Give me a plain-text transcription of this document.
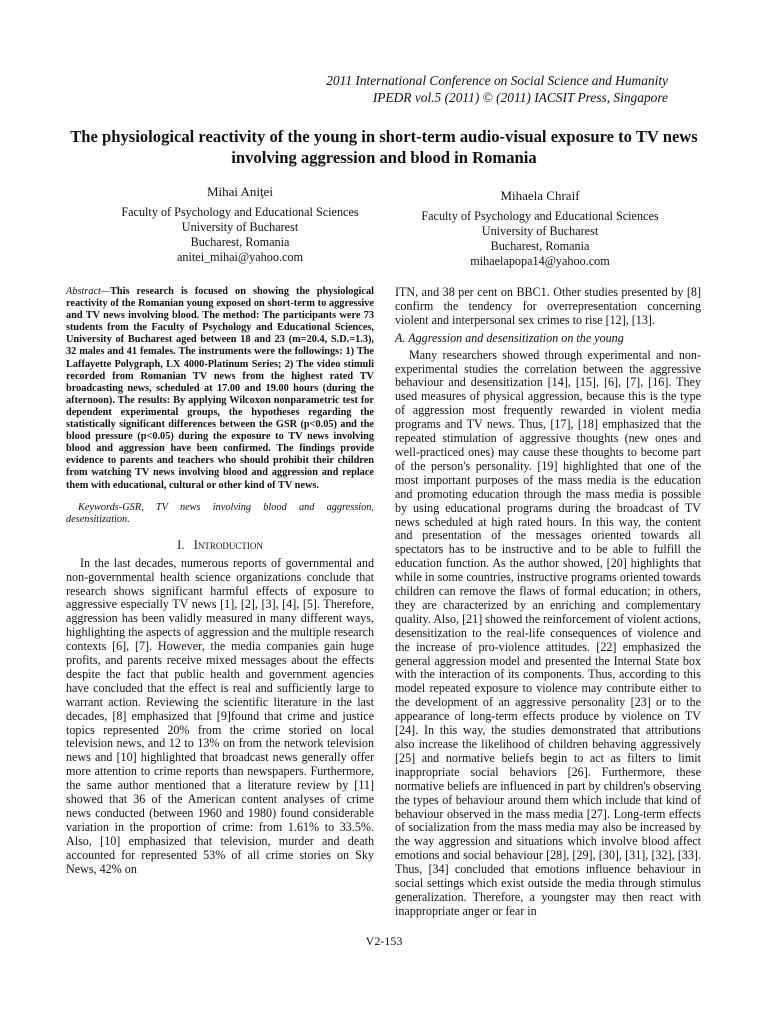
2011 International Conference on Social Science and Humanity
IPEDR vol.5 (2011) © (2011) IACSIT Press, Singapore
The physiological reactivity of the young in short-term audio-visual exposure to TV news involving aggression and blood in Romania
Mihai Aniţei
Faculty of Psychology and Educational Sciences
University of Bucharest
Bucharest, Romania
anitei_mihai@yahoo.com
Mihaela Chraif
Faculty of Psychology and Educational Sciences
University of Bucharest
Bucharest, Romania
mihaelapopa14@yahoo.com

Abstract—This research is focused on showing the physiological reactivity of the Romanian young exposed on short-term to aggressive and TV news involving blood. The method: The participants were 73 students from the Faculty of Psychology and Educational Sciences, University of Bucharest aged between 18 and 23 (m=20.4, S.D.=1.3), 32 males and 41 females. The instruments were the followings: 1) The Laffayette Polygraph, LX 4000-Platinum Series; 2) The video stimuli recorded from Romanian TV news from the highest rated TV broadcasting news, scheduled at 17.00 and 19.00 hours (during the afternoon). The results: By applying Wilcoxon nonparametric test for dependent experimental groups, the hypotheses regarding the statistically significant differences between the GSR (p<0.05) and the blood pressure (p<0.05) during the exposure to TV news involving blood and aggression have been confirmed. The findings provide evidence to parents and teachers who should prohibit their children from watching TV news involving blood and aggression and replace them with educational, cultural or other kind of TV news.

Keywords-GSR, TV news involving blood and aggression, desensitization.

I. Introduction

In the last decades, numerous reports of governmental and non-governmental health science organizations conclude that research shows significant harmful effects of exposure to aggressive especially TV news [1], [2], [3], [4], [5]. Therefore, aggression has been validly measured in many different ways, highlighting the aspects of aggression and the multiple research contexts [6], [7]. However, the media companies gain huge profits, and parents receive mixed messages about the effects despite the fact that public health and government agencies have concluded that the effect is real and sufficiently large to warrant action. Reviewing the scientific literature in the last decades, [8] emphasized that [9]found that crime and justice topics represented 20% from the crime storied on local television news, and 12 to 13% on from the network television news and [10] highlighted that broadcast news generally offer more attention to crime reports than newspapers. Furthermore, the same author mentioned that a literature review by [11] showed that 36 of the American content analyses of crime news conducted (between 1960 and 1980) found considerable variation in the proportion of crime: from 1.61% to 33.5%. Also, [10] emphasized that television, murder and death accounted for represented 53% of all crime stories on Sky News, 42% on

ITN, and 38 per cent on BBC1. Other studies presented by [8] confirm the tendency for overrepresentation concerning violent and interpersonal sex crimes to rise [12], [13].

A. Aggression and desensitization on the young

Many researchers showed through experimental and non-experimental studies the correlation between the aggressive behaviour and desensitization [14], [15], [6], [7], [16]. They used measures of physical aggression, because this is the type of aggression most frequently rewarded in violent media programs and TV news. Thus, [17], [18] emphasized that the repeated stimulation of aggressive thoughts (new ones and well-practiced ones) may cause these thoughts to become part of the person's personality. [19] highlighted that one of the most important purposes of the mass media is the education and promoting education through the mass media is possible by using educational programs during the broadcast of TV news scheduled at high rated hours. In this way, the content and presentation of the messages oriented towards all spectators has to be instructive and to be able to fulfill the education function. As the author showed, [20] highlights that while in some countries, instructive programs oriented towards children can remove the flaws of formal education; in others, they are characterized by an enriching and complementary quality. Also, [21] showed the reinforcement of violent actions, desensitization to the real-life consequences of violence and the increase of pro-violence attitudes. [22] emphasized the general aggression model and presented the Internal State box with the interaction of its components. Thus, according to this model repeated exposure to violence may contribute either to the development of an aggressive personality [23] or to the appearance of long-term effects produce by violence on TV [24]. In this way, the studies demonstrated that attributions also increase the likelihood of children behaving aggressively [25] and normative beliefs begin to act as filters to limit inappropriate social behaviors [26]. Furthermore, these normative beliefs are influenced in part by children's observing the types of behaviour around them which include that kind of behaviour observed in the mass media [27]. Long-term effects of socialization from the mass media may also be increased by the way aggression and situations which involve blood affect emotions and social behaviour [28], [29], [30], [31], [32], [33]. Thus, [34] concluded that emotions influence behaviour in social settings which exist outside the media through stimulus generalization. Therefore, a youngster may then react with inappropriate anger or fear in

V2-153
